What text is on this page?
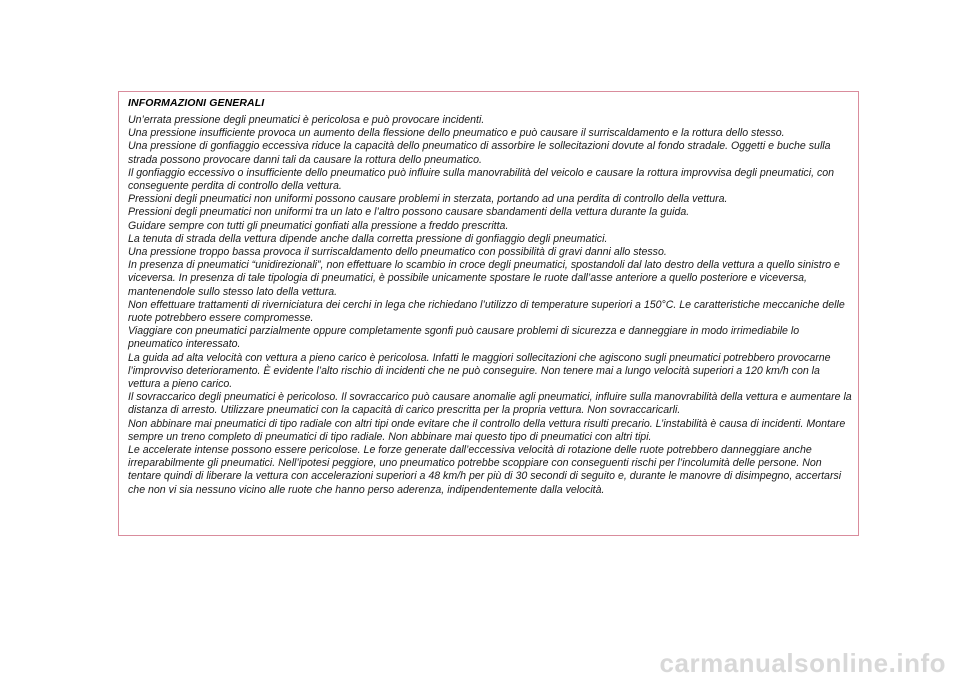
INFORMAZIONI GENERALI

Un’errata pressione degli pneumatici è pericolosa e può provocare incidenti.

Una pressione insufficiente provoca un aumento della flessione dello pneumatico e può causare il surriscaldamento e la rottura dello stesso.

Una pressione di gonfiaggio eccessiva riduce la capacità dello pneumatico di assorbire le sollecitazioni dovute al fondo stradale. Oggetti e buche sulla strada possono provocare danni tali da causare la rottura dello pneumatico.

Il gonfiaggio eccessivo o insufficiente dello pneumatico può influire sulla manovrabilità del veicolo e causare la rottura improvvisa degli pneumatici, con conseguente perdita di controllo della vettura.

Pressioni degli pneumatici non uniformi possono causare problemi in sterzata, portando ad una perdita di controllo della vettura.

Pressioni degli pneumatici non uniformi tra un lato e l’altro possono causare sbandamenti della vettura durante la guida.

Guidare sempre con tutti gli pneumatici gonfiati alla pressione a freddo prescritta.

La tenuta di strada della vettura dipende anche dalla corretta pressione di gonfiaggio degli pneumatici.

Una pressione troppo bassa provoca il surriscaldamento dello pneumatico con possibilità di gravi danni allo stesso.

In presenza di pneumatici “unidirezionali”, non effettuare lo scambio in croce degli pneumatici, spostandoli dal lato destro della vettura a quello sinistro e viceversa. In presenza di tale tipologia di pneumatici, è possibile unicamente spostare le ruote dall’asse anteriore a quello posteriore e viceversa, mantenendole sullo stesso lato della vettura.

Non effettuare trattamenti di riverniciatura dei cerchi in lega che richiedano l’utilizzo di temperature superiori a 150°C. Le caratteristiche meccaniche delle ruote potrebbero essere compromesse.

Viaggiare con pneumatici parzialmente oppure completamente sgonfi può causare problemi di sicurezza e danneggiare in modo irrimediabile lo pneumatico interessato.

La guida ad alta velocità con vettura a pieno carico è pericolosa. Infatti le maggiori sollecitazioni che agiscono sugli pneumatici potrebbero provocarne l’improvviso deterioramento. È evidente l’alto rischio di incidenti che ne può conseguire. Non tenere mai a lungo velocità superiori a 120 km/h con la vettura a pieno carico.

Il sovraccarico degli pneumatici è pericoloso. Il sovraccarico può causare anomalie agli pneumatici, influire sulla manovrabilità della vettura e aumentare la distanza di arresto. Utilizzare pneumatici con la capacità di carico prescritta per la propria vettura. Non sovraccaricarli.

Non abbinare mai pneumatici di tipo radiale con altri tipi onde evitare che il controllo della vettura risulti precario. L’instabilità è causa di incidenti. Montare sempre un treno completo di pneumatici di tipo radiale. Non abbinare mai questo tipo di pneumatici con altri tipi.

Le accelerate intense possono essere pericolose. Le forze generate dall’eccessiva velocità di rotazione delle ruote potrebbero danneggiare anche irreparabilmente gli pneumatici. Nell’ipotesi peggiore, uno pneumatico potrebbe scoppiare con conseguenti rischi per l’incolumità delle persone. Non tentare quindi di liberare la vettura con accelerazioni superiori a 48 km/h per più di 30 secondi di seguito e, durante le manovre di disimpegno, accertarsi che non vi sia nessuno vicino alle ruote che hanno perso aderenza, indipendentemente dalla velocità.

carmanualsonline.info
